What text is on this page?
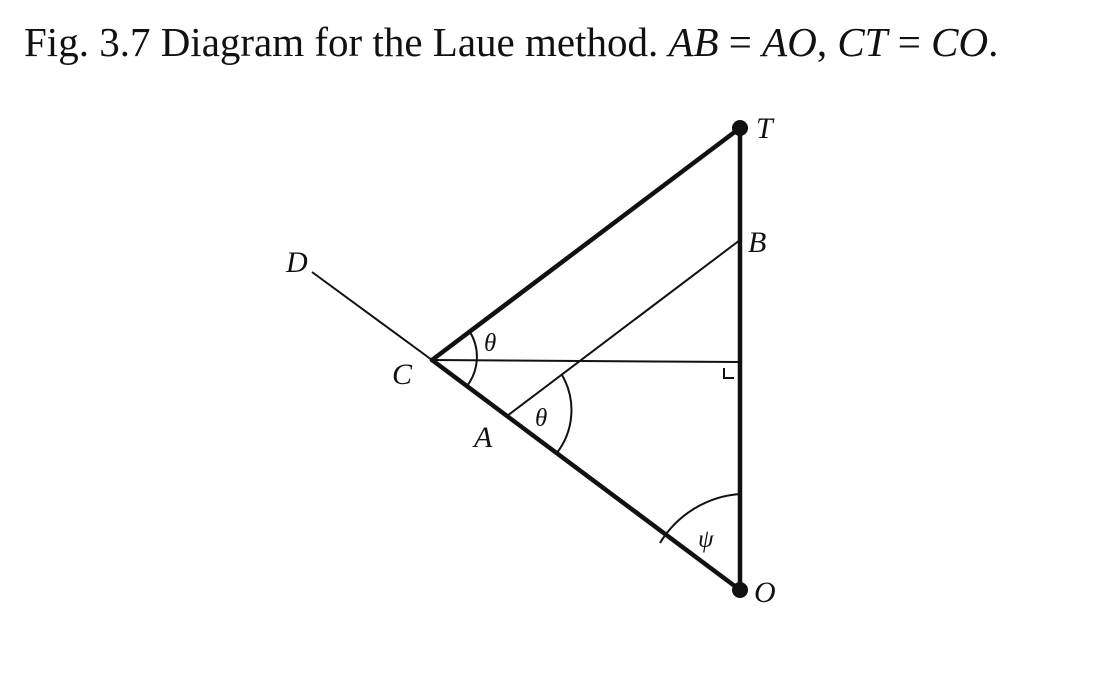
Fig. 3.7 Diagram for the Laue method. AB = AO, CT = CO.
T
B
D
C
A
O
θ
θ
ψ
